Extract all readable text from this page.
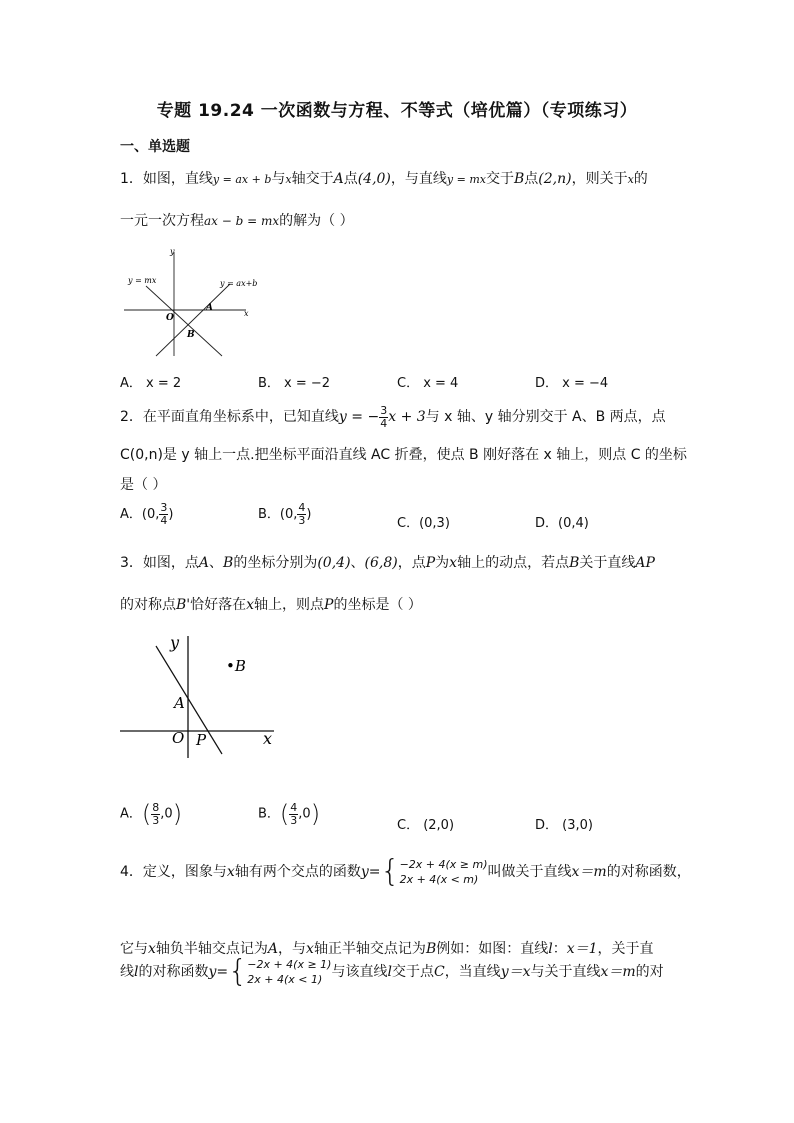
专题 19.24 一次函数与方程、不等式（培优篇）（专项练习）
一、单选题
1．如图，直线y = ax + b与x轴交于A点(4,0)，与直线y = mx交于B点(2,n)，则关于x的
一元一次方程ax − b = mx的解为（ ）
y
x
O
A
B
y = mx	y = ax+b
A． x = 2	B． x = −2	C． x = 4	D． x = −4
2．在平面直角坐标系中，已知直线y = − $\frac{3}{4}$ x + 3与 x 轴、y 轴分别交于 A、B 两点，点
C(0,n)是 y 轴上一点.把坐标平面沿直线 AC 折叠，使点 B 刚好落在 x 轴上，则点 C 的坐标
是（ ）
A．(0, $\frac{3}{4}$ )	B．(0, $\frac{4}{3}$ )
C．(0,3)	D．(0,4)
3．如图，点A、B的坐标分别为(0,4)、(6,8)，点P为x轴上的动点，若点B关于直线AP
的对称点B'恰好落在x轴上，则点P的坐标是（ ）
y
x
O
A
P
•B
A．( $\frac{8}{3} ,0$)	B．( $\frac{4}{3} ,0$)	C． (2,0)	D． (3,0)
4．定义，图象与x轴有两个交点的函数y={ −2x + 4(x ≥ m)
2x + 4(x < m) 叫做关于直线x＝m的对称函数，
它与x轴负半轴交点记为A，与x轴正半轴交点记为B例如：如图：直线l：x＝1，关于直
线l的对称函数y={ −2x + 4(x ≥ 1)
2x + 4(x < 1) 与该直线l交于点C，当直线y＝x与关于直线x＝m的对
